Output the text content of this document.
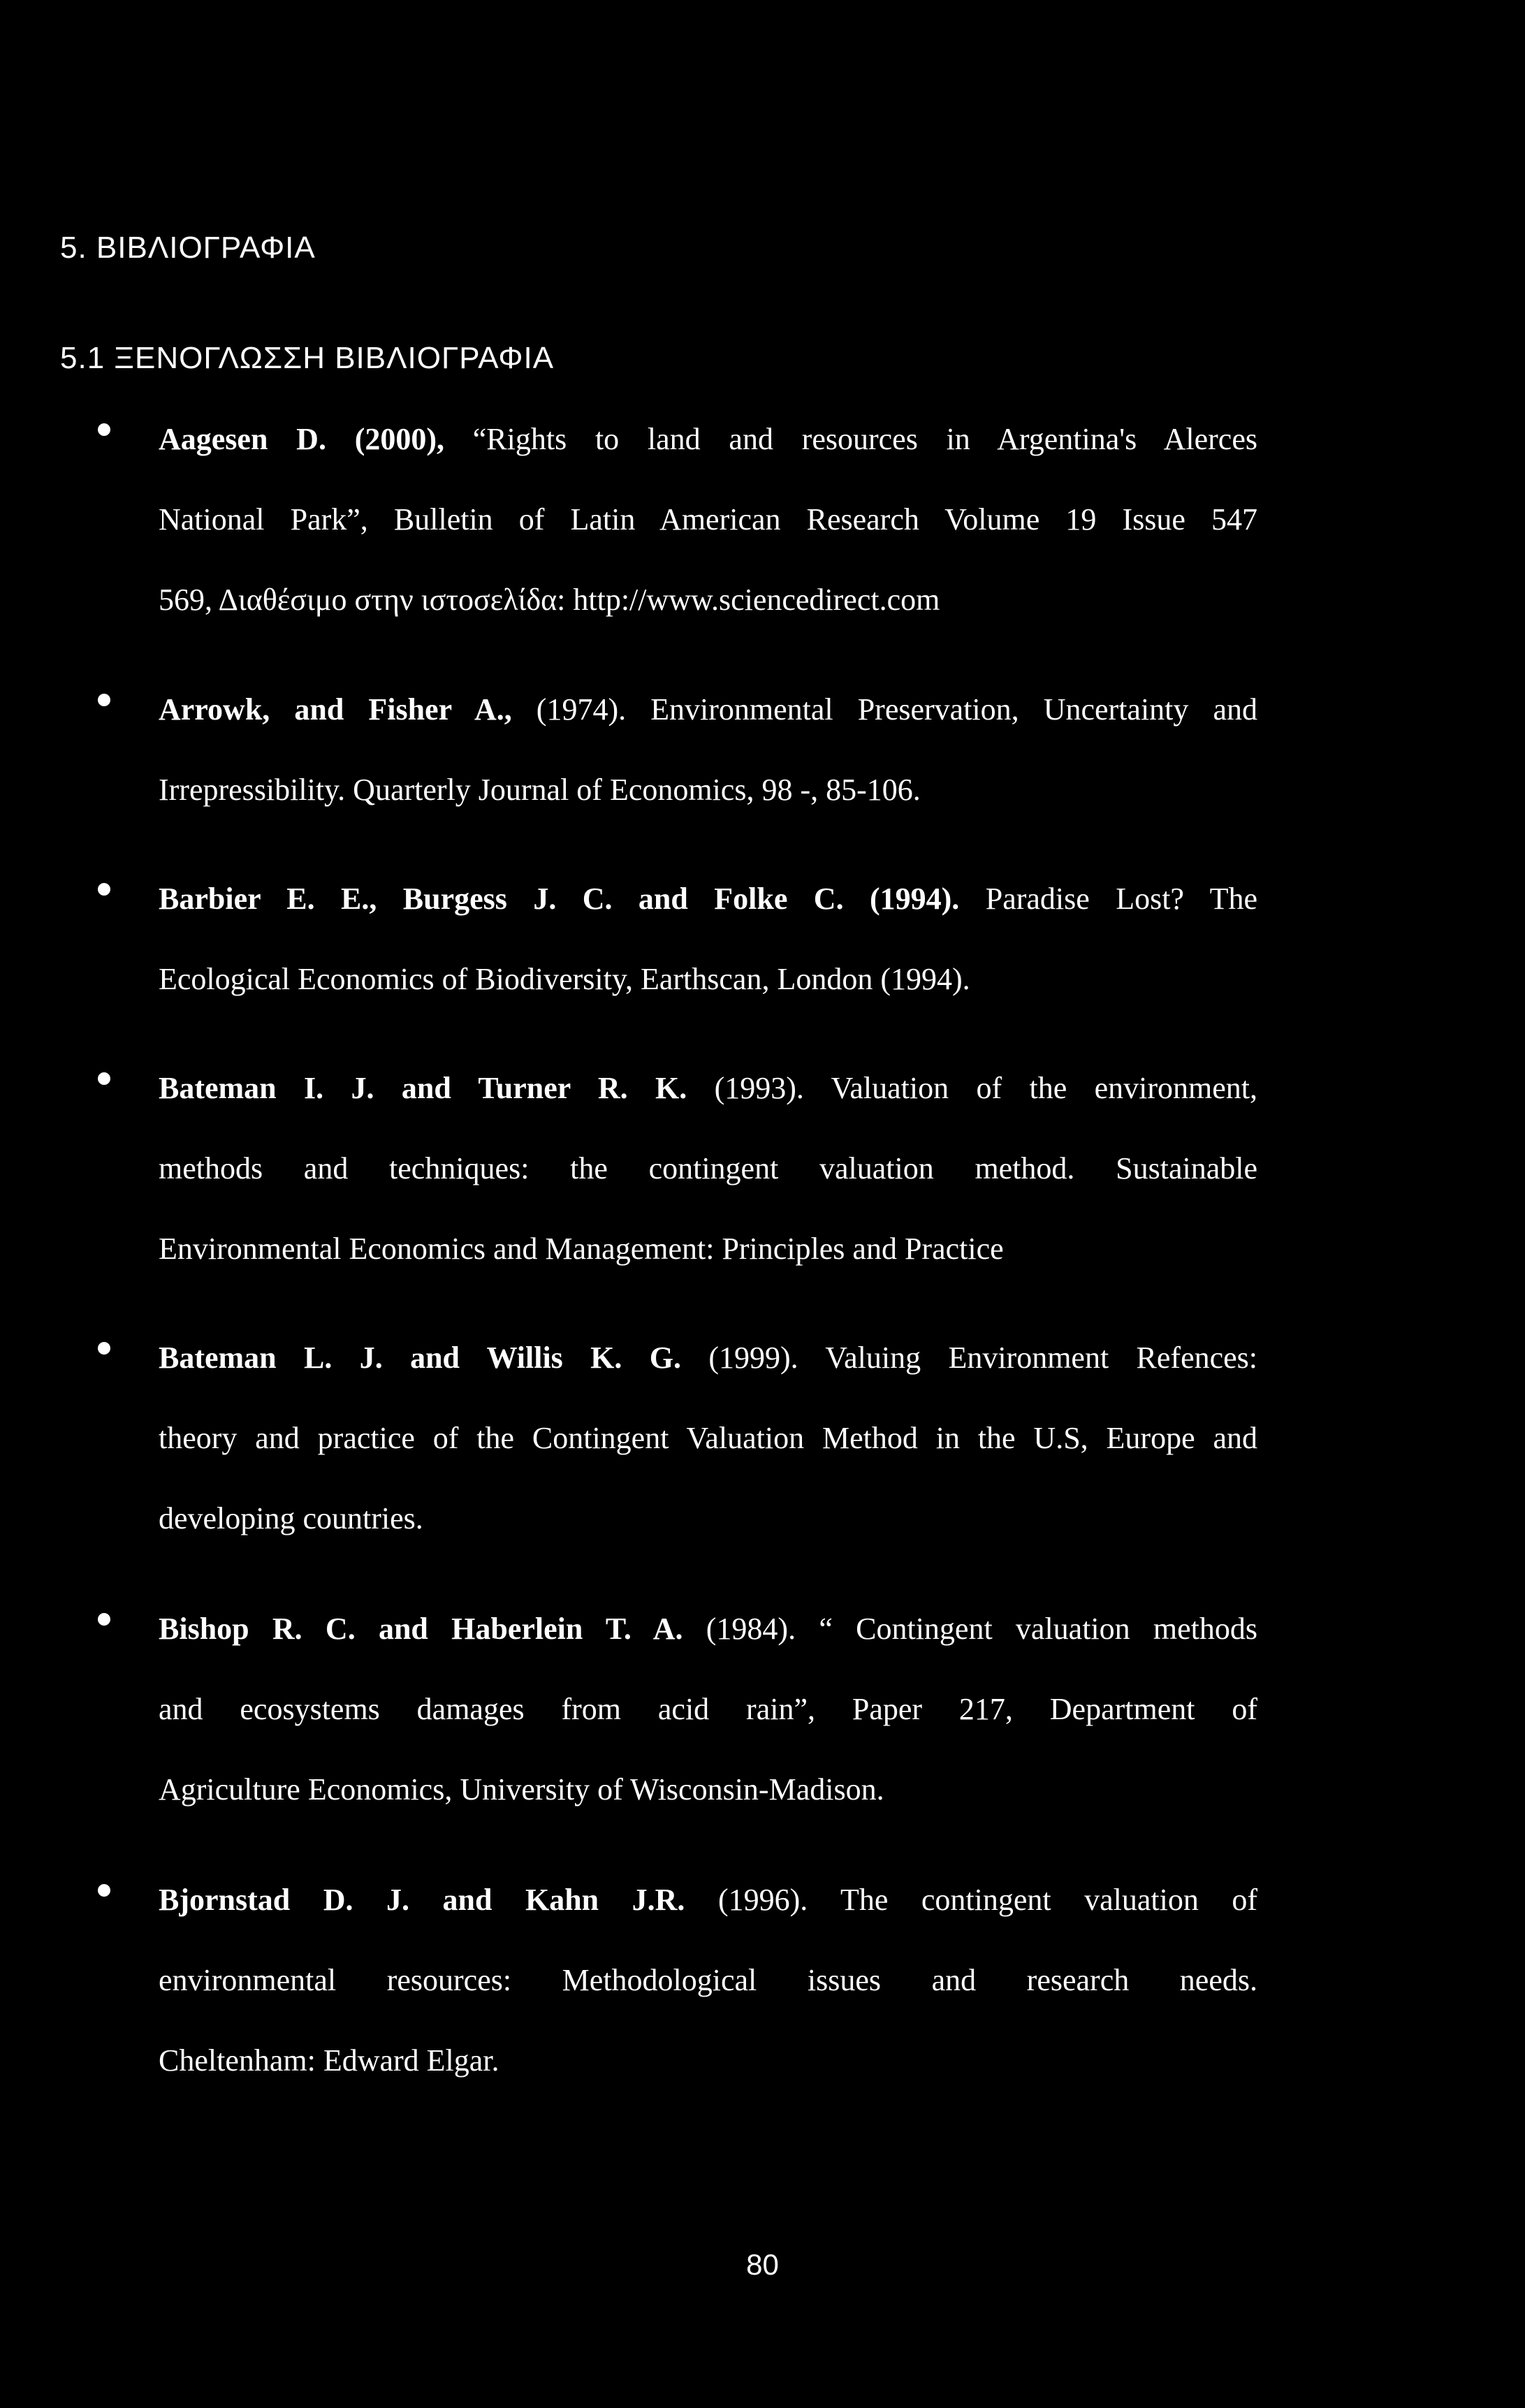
5. ΒΙΒΛΙΟΓΡΑΦΙΑ
5.1 ΞΕΝΟΓΛΩΣΣΗ ΒΙΒΛΙΟΓΡΑΦΙΑ
Aagesen D. (2000), “Rights to land and resources in Argentina's Alerces
National Park”, Bulletin of Latin American Research Volume 19 Issue 547
569, Διαθέσιμο στην ιστοσελίδα: http://www.sciencedirect.com
Arrowk, and Fisher A., (1974). Environmental Preservation, Uncertainty and
Irrepressibility. Quarterly Journal of Economics, 98 -, 85-106.
Barbier E. E., Burgess J. C. and Folke C. (1994). Paradise Lost? The
Ecological Economics of Biodiversity, Earthscan, London (1994).
Bateman I. J. and Turner R. K. (1993). Valuation of the environment,
methods and techniques: the contingent valuation method. Sustainable
Environmental Economics and Management: Principles and Practice
Bateman L. J. and Willis K. G. (1999). Valuing Environment Refences:
theory and practice of the Contingent Valuation Method in the U.S, Europe and
developing countries.
Bishop R. C. and Haberlein T. A. (1984). “ Contingent valuation methods
and ecosystems damages from acid rain”, Paper 217, Department of
Agriculture Economics, University of Wisconsin-Madison.
Bjornstad D. J. and Kahn J.R. (1996). The contingent valuation of
environmental resources: Methodological issues and research needs.
Cheltenham: Edward Elgar.
80
